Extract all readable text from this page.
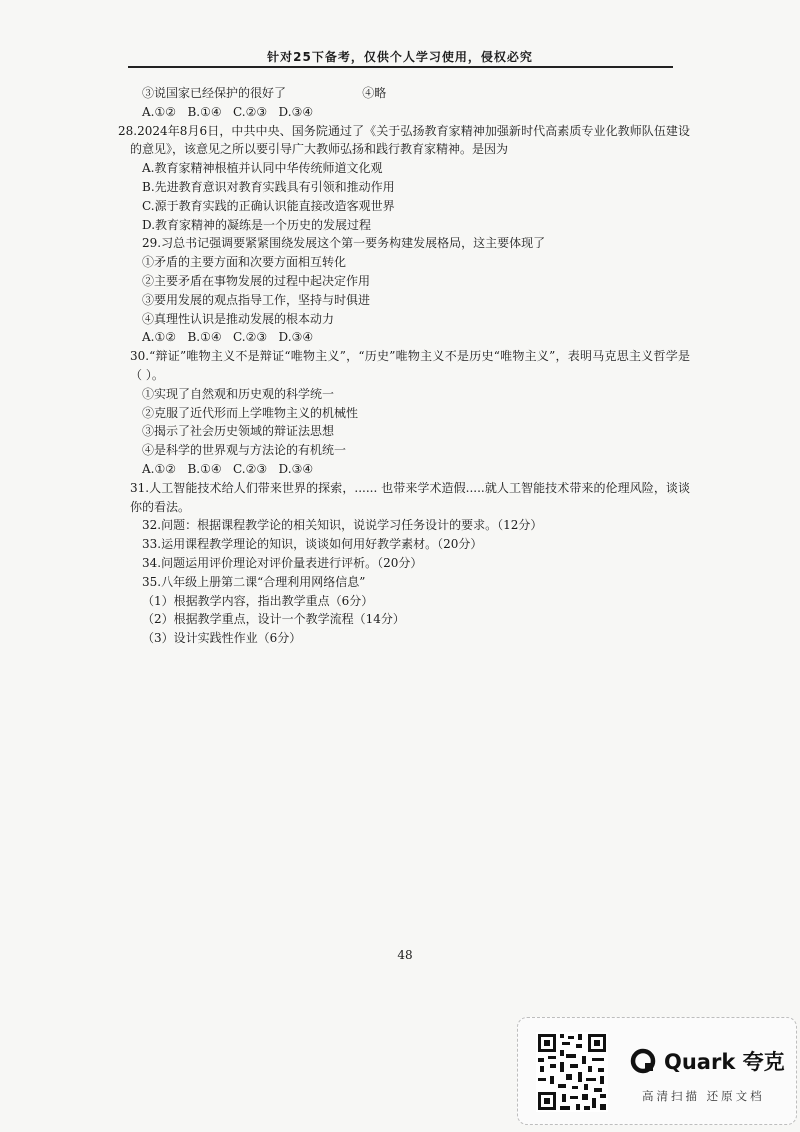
针对25下备考，仅供个人学习使用，侵权必究
③说国家已经保护的很好了                    ④略
A.①②   B.①④   C.②③   D.③④
28.2024年8月6日，中共中央、国务院通过了《关于弘扬教育家精神加强新时代高素质专业化教师队伍建设的意见》，该意见之所以要引导广大教师弘扬和践行教育家精神。是因为
A.教育家精神根植并认同中华传统师道文化观
B.先进教育意识对教育实践具有引领和推动作用
C.源于教育实践的正确认识能直接改造客观世界
D.教育家精神的凝练是一个历史的发展过程
29.习总书记强调要紧紧围绕发展这个第一要务构建发展格局，这主要体现了
①矛盾的主要方面和次要方面相互转化
②主要矛盾在事物发展的过程中起决定作用
③要用发展的观点指导工作，坚持与时俱进
④真理性认识是推动发展的根本动力
A.①②   B.①④   C.②③   D.③④
30.“辩证”唯物主义不是辩证“唯物主义”，“历史”唯物主义不是历史“唯物主义”，表明马克思主义哲学是（ ）。
①实现了自然观和历史观的科学统一
②克服了近代形而上学唯物主义的机械性
③揭示了社会历史领域的辩证法思想
④是科学的世界观与方法论的有机统一
A.①②   B.①④   C.②③   D.③④
31.人工智能技术给人们带来世界的探索，...... 也带来学术造假.....就人工智能技术带来的伦理风险，谈谈你的看法。
32.问题：根据课程教学论的相关知识，说说学习任务设计的要求。（12分）
33.运用课程教学理论的知识，谈谈如何用好教学素材。（20分）
34.问题运用评价理论对评价量表进行评析。（20分）
35.八年级上册第二课“合理利用网络信息”
（1）根据教学内容，指出教学重点（6分）
（2）根据教学重点，设计一个教学流程（14分）
（3）设计实践性作业（6分）
48
Quark 夸克
高清扫描 还原文档
